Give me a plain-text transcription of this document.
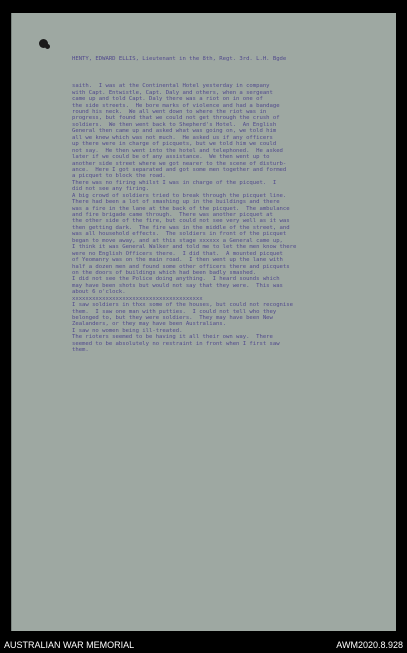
HENTY, EDWARD ELLIS, Lieutenant in the 8th, Regt. 3rd. L.H. Bgde

saith.  I was at the Continental Hotel yesterday in company
with Capt. Entwistle, Capt. Daly and others, when a sergeant
came up and told Capt. Daly there was a riot on in one of
the side streets.  He bore marks of violence and had a bandage
round his neck.  We all went down to where the riot was in
progress, but found that we could not get through the crush of
soldiers.  We then went back to Shepherd's Hotel.  An English
General then came up and asked what was going on, we told him
all we knew which was not much.  He asked us if any officers
up there were in charge of picquets, but we told him we could
not say.  He then went into the hotel and telephoned.  He asked
later if we could be of any assistance.  We then went up to
another side street where we got nearer to the scene of disturb-
ance.  Here I got separated and got some men together and formed
a picquet to block the road.
There was no firing whilst I was in charge of the picquet.  I
did not see any firing.
A big crowd of soldiers tried to break through the picquet line.
There had been a lot of smashing up in the buildings and there
was a fire in the lane at the back of the picquet.  The ambulance
and fire brigade came through.  There was another picquet at
the other side of the fire, but could not see very well as it was
then getting dark.  The fire was in the middle of the street, and
was all household effects.  The soldiers in front of the picquet
began to move away, and at this stage xxxxxx a General came up,
I think it was General Walker and told me to let the men know there
were no English Officers there.  I did that.  A mounted picquet
of Yeomanry was on the main road.  I then went up the lane with
half a dozen men and found some other officers there and picquets
on the doors of buildings which had been badly smashed.
I did not see the Police doing anything.  I heard sounds which
may have been shots but would not say that they were.  This was
about 6 o'clock.
xxxxxxxxxxxxxxxxxxxxxxxxxxxxxxxxxxxxxxx
I saw soldiers in thxx some of the houses, but could not recognise
them.  I saw one man with putties.  I could not tell who they
belonged to, but they were soldiers.  They may have been New
Zealanders, or they may have been Australians.
I saw no women being ill-treated.
The rioters seemed to be having it all their own way.  There
seemed to be absolutely no restraint in front when I first saw
them.

AUSTRALIAN WAR MEMORIAL	AWM2020.8.928
